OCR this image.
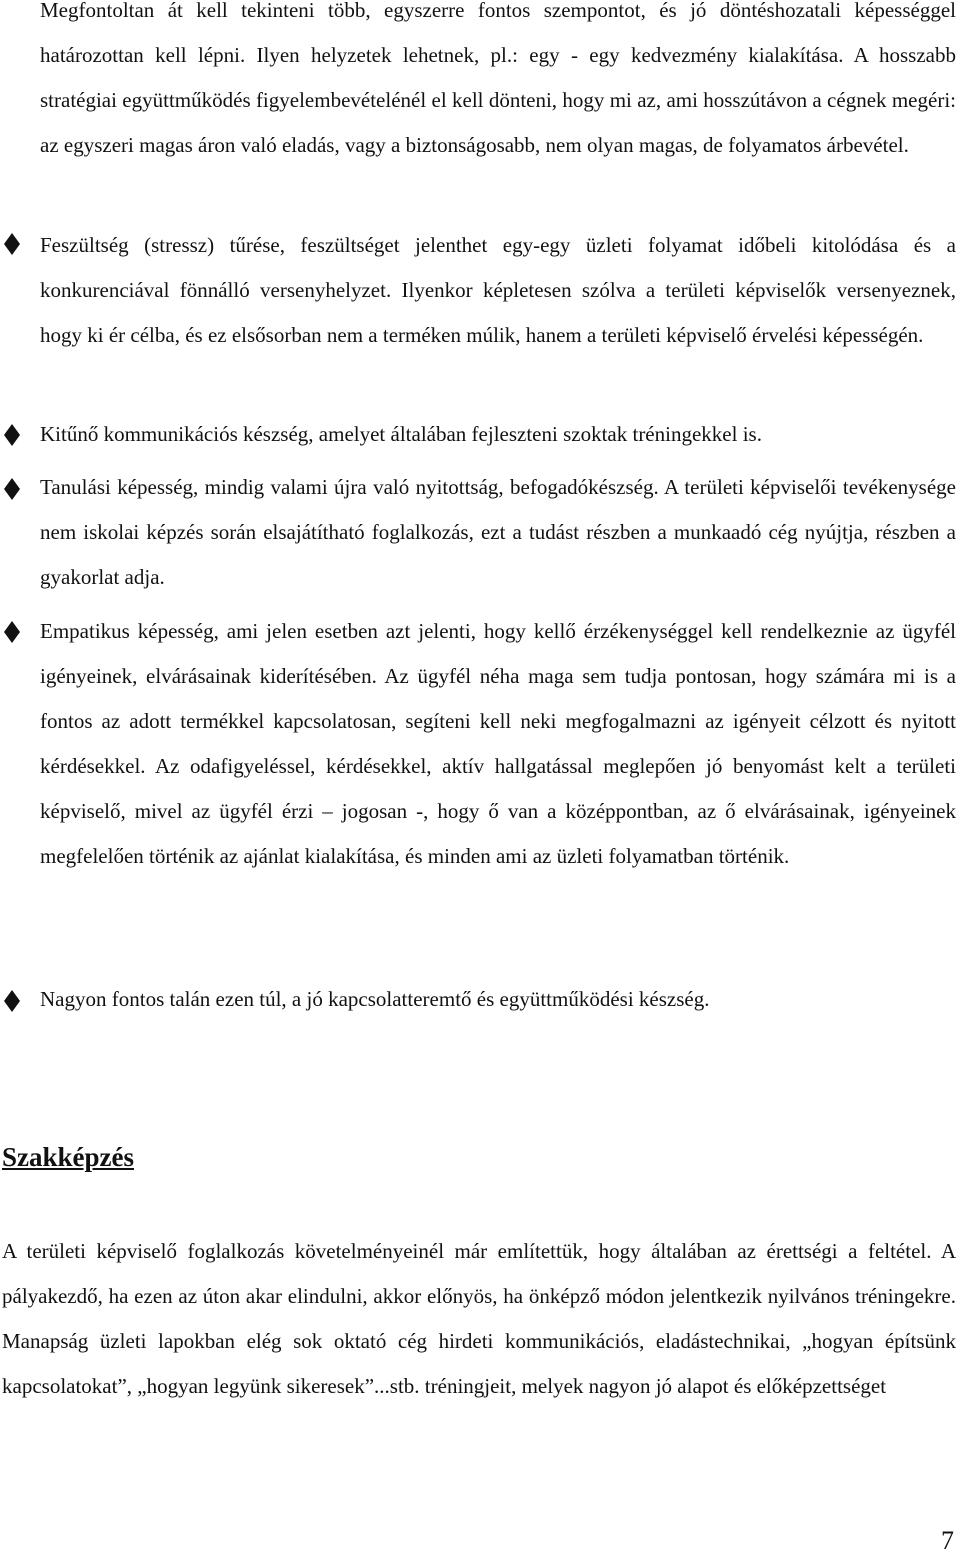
Megfontoltan át kell tekinteni több, egyszerre fontos szempontot, és jó döntéshozatali képességgel határozottan kell lépni. Ilyen helyzetek lehetnek, pl.: egy - egy kedvezmény kialakítása. A hosszabb stratégiai együttműködés figyelembevételénél el kell dönteni, hogy mi az, ami hosszútávon a cégnek megéri: az egyszeri magas áron való eladás, vagy a biztonságosabb, nem olyan magas, de folyamatos árbevétel.

Feszültség (stressz) tűrése, feszültséget jelenthet egy-egy üzleti folyamat időbeli kitolódása és a konkurenciával fönnálló versenyhelyzet. Ilyenkor képletesen szólva a területi képviselők versenyeznek, hogy ki ér célba, és ez elsősorban nem a terméken múlik, hanem a területi képviselő érvelési képességén.

Kitűnő kommunikációs készség, amelyet általában fejleszteni szoktak tréningekkel is.

Tanulási képesség, mindig valami újra való nyitottság, befogadókészség. A területi képviselői tevékenysége nem iskolai képzés során elsajátítható foglalkozás, ezt a tudást részben a munkaadó cég nyújtja, részben a gyakorlat adja.

Empatikus képesség, ami jelen esetben azt jelenti, hogy kellő érzékenységgel kell rendelkeznie az ügyfél igényeinek, elvárásainak kiderítésében. Az ügyfél néha maga sem tudja pontosan, hogy számára mi is a fontos az adott termékkel kapcsolatosan, segíteni kell neki megfogalmazni az igényeit célzott és nyitott kérdésekkel. Az odafigyeléssel, kérdésekkel, aktív hallgatással meglepően jó benyomást kelt a területi képviselő, mivel az ügyfél érzi – jogosan -, hogy ő van a középpontban, az ő elvárásainak, igényeinek megfelelően történik az ajánlat kialakítása, és minden ami az üzleti folyamatban történik.

Nagyon fontos talán ezen túl, a jó kapcsolatteremtő és együttműködési készség.

Szakképzés

A területi képviselő foglalkozás követelményeinél már említettük, hogy általában az érettségi a feltétel. A pályakezdő, ha ezen az úton akar elindulni, akkor előnyös, ha önképző módon jelentkezik nyilvános tréningekre. Manapság üzleti lapokban elég sok oktató cég hirdeti kommunikációs, eladástechnikai, „hogyan építsünk kapcsolatokat”, „hogyan legyünk sikeresek”...stb. tréningjeit, melyek nagyon jó alapot és előképzettséget

7
